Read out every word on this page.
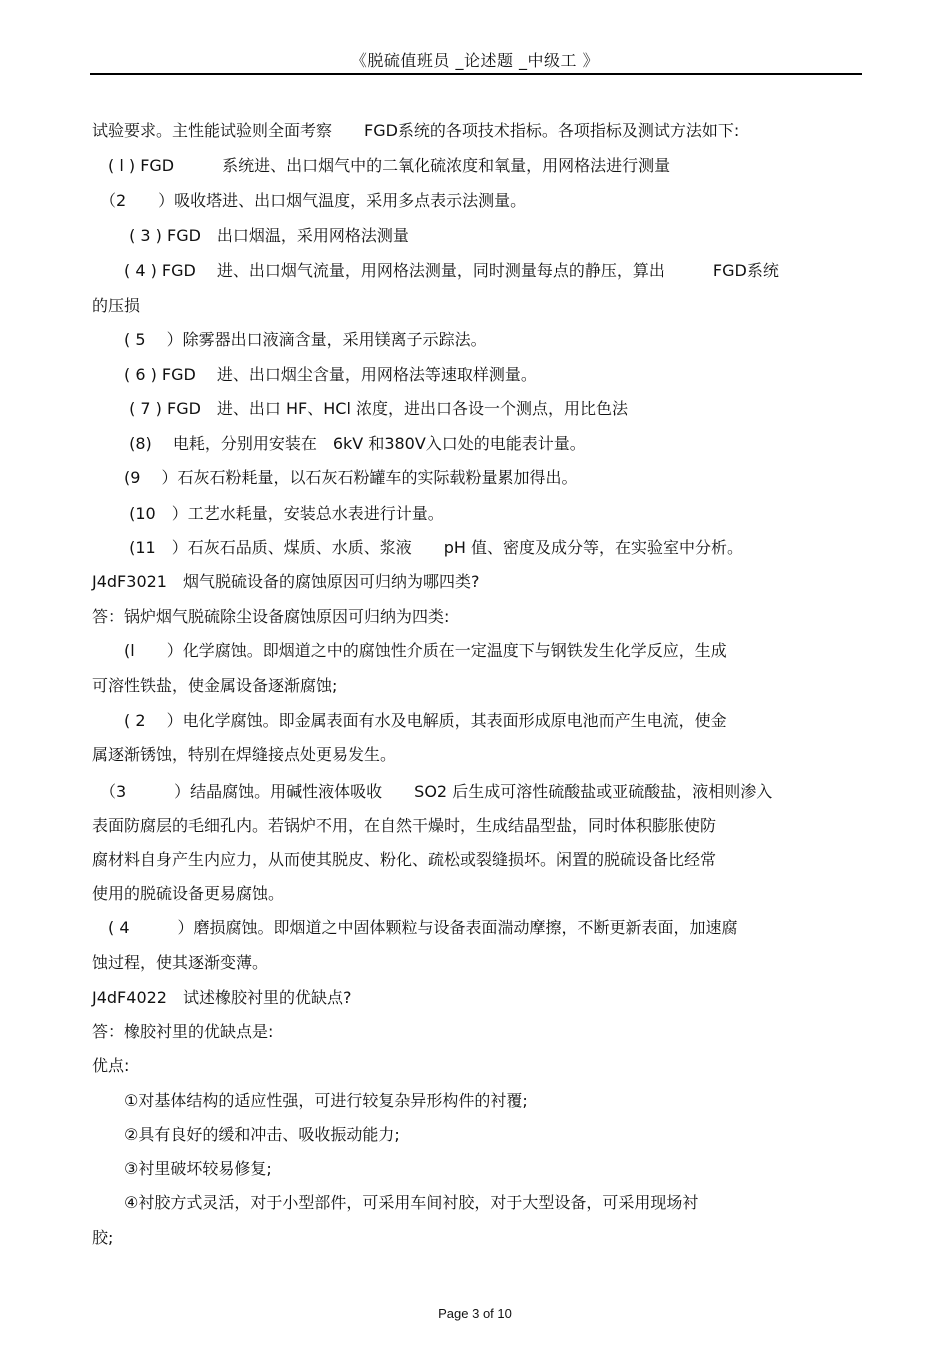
《脱硫值班员 _论述题 _中级工 》
试验要求。主性能试验则全面考察　　FGD系统的各项技术指标。各项指标及测试方法如下:
　( l ) FGD　　　系统进、出口烟气中的二氧化硫浓度和氧量，用网格法进行测量
　（2　　）吸收塔进、出口烟气温度，采用多点表示法测量。
　　 ( 3 ) FGD　出口烟温，采用网格法测量
　　( 4 ) FGD　 进、出口烟气流量，用网格法测量，同时测量每点的静压，算出　　　FGD系统
的压损
　　( 5　 ）除雾器出口液滴含量，采用镁离子示踪法。
　　( 6 ) FGD　 进、出口烟尘含量，用网格法等速取样测量。
　　 ( 7 ) FGD　进、出口 HF、HCl 浓度，进出口各设一个测点，用比色法
　　 (8)　 电耗，分别用安装在　6kV 和380V入口处的电能表计量。
　　(9　 ）石灰石粉耗量，以石灰石粉罐车的实际载粉量累加得出。
　　 (10　）工艺水耗量，安装总水表进行计量。
　　 (11　）石灰石品质、煤质、水质、浆液　　pH 值、密度及成分等，在实验室中分析。
J4dF3021　烟气脱硫设备的腐蚀原因可归纳为哪四类?
答：锅炉烟气脱硫除尘设备腐蚀原因可归纳为四类:
　　(l　　）化学腐蚀。即烟道之中的腐蚀性介质在一定温度下与钢铁发生化学反应，生成
可溶性铁盐，使金属设备逐渐腐蚀;
　　( 2　 ）电化学腐蚀。即金属表面有水及电解质，其表面形成原电池而产生电流，使金
属逐渐锈蚀，特别在焊缝接点处更易发生。
　（3　　　）结晶腐蚀。用碱性液体吸收　　SO2 后生成可溶性硫酸盐或亚硫酸盐，液相则渗入
表面防腐层的毛细孔内。若锅炉不用，在自然干燥时，生成结晶型盐，同时体积膨胀使防
腐材料自身产生内应力，从而使其脱皮、粉化、疏松或裂缝损坏。闲置的脱硫设备比经常
使用的脱硫设备更易腐蚀。
　( 4　　　）磨损腐蚀。即烟道之中固体颗粒与设备表面湍动摩擦，不断更新表面，加速腐
蚀过程，使其逐渐变薄。
J4dF4022　试述橡胶衬里的优缺点?
答：橡胶衬里的优缺点是:
优点:
　　①对基体结构的适应性强，可进行较复杂异形构件的衬覆;
　　②具有良好的缓和冲击、吸收振动能力;
　　③衬里破坏较易修复;
　　④衬胶方式灵活，对于小型部件，可采用车间衬胶，对于大型设备，可采用现场衬
胶;
Page 3 of 10
